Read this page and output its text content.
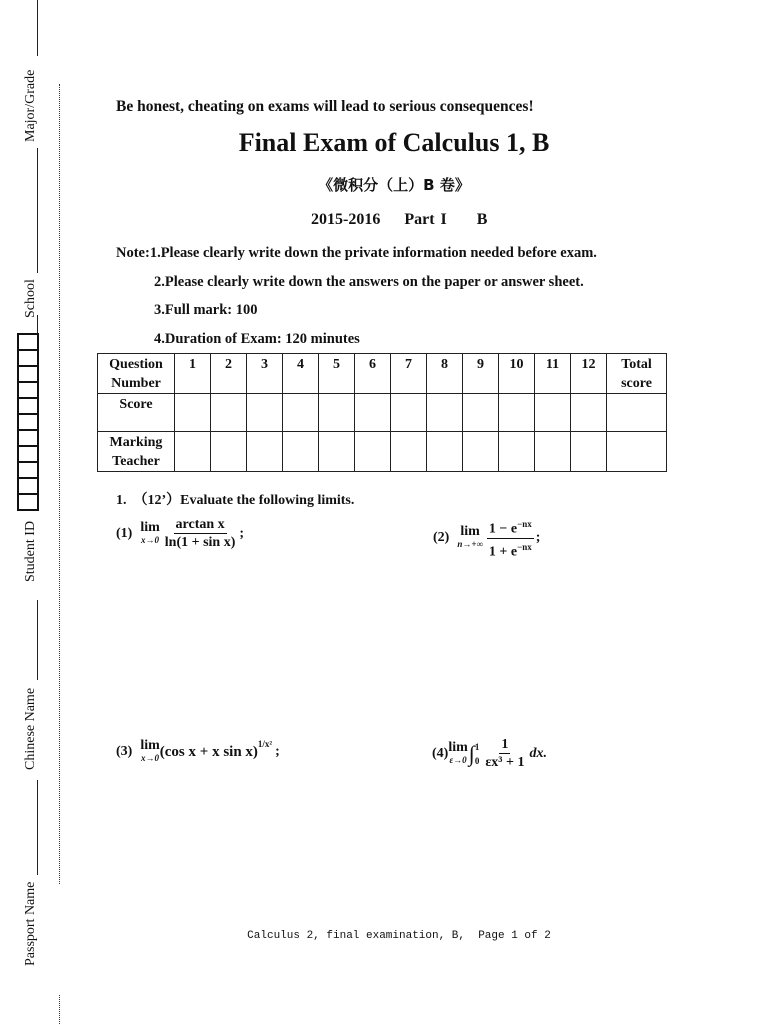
Major/Grade
School
Student ID
Chinese Name
Passport Name
Be honest, cheating on exams will lead to serious consequences!
Final Exam of Calculus 1, B
《微积分（上）B 卷》
2015-2016    Part I     B
Note:1.Please clearly write down the private information needed before exam.
2.Please clearly write down the answers on the paper or answer sheet.
3.Full mark: 100
4.Duration of Exam: 120 minutes
Question Number	1	2	3	4	5	6	7	8	9	10	11	12	Total score
Score													
Marking Teacher													
1.  （12’）Evaluate the following limits.
(1) lim
$x\to 0 \frac{\text{arctan x}}{\text{ln(1 + sin x)}}$ ;	(2) lim
$n\to+\infty \frac{1 - e^{-nx}}{1 + e^{-nx}}$ ;
(3) lim
x→0 (cos x + x sin x)$^{1/x^2}$ ;	(4) lim
ε→0 ∫ 1
$0 \frac{1}{\text{εx³ + 1}}$ dx.
Calculus 2, final examination, B,  Page 1 of 2
